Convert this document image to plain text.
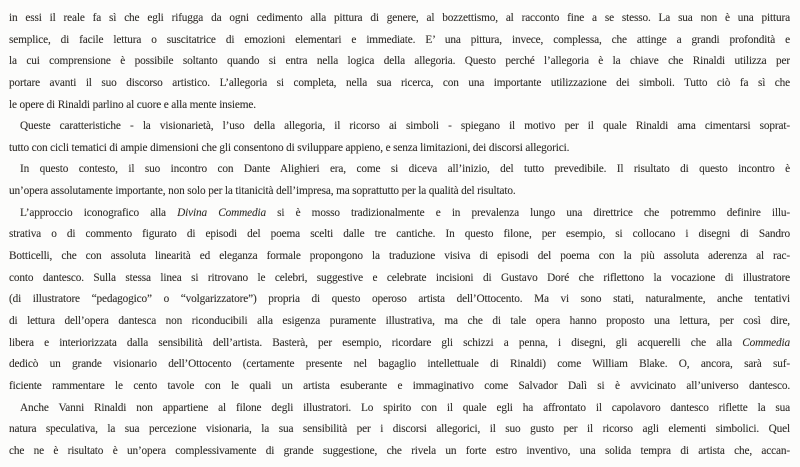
in essi il reale fa sì che egli rifugga da ogni cedimento alla pittura di genere, al bozzettismo, al racconto fine a se stesso. La sua non è una pittura
semplice, di facile lettura o suscitatrice di emozioni elementari e immediate. E’ una pittura, invece, complessa, che attinge a grandi profondità e
la cui comprensione è possibile soltanto quando si entra nella logica della allegoria. Questo perché l’allegoria è la chiave che Rinaldi utilizza per
portare avanti il suo discorso artistico. L’allegoria si completa, nella sua ricerca, con una importante utilizzazione dei simboli. Tutto ciò fa sì che
le opere di Rinaldi parlino al cuore e alla mente insieme.
Queste caratteristiche - la visionarietà, l’uso della allegoria, il ricorso ai simboli - spiegano il motivo per il quale Rinaldi ama cimentarsi soprat-
tutto con cicli tematici di ampie dimensioni che gli consentono di sviluppare appieno, e senza limitazioni, dei discorsi allegorici.
In questo contesto, il suo incontro con Dante Alighieri era, come si diceva all’inizio, del tutto prevedibile. Il risultato di questo incontro è
un’opera assolutamente importante, non solo per la titanicità dell’impresa, ma soprattutto per la qualità del risultato.
L’approccio iconografico alla Divina Commedia si è mosso tradizionalmente e in prevalenza lungo una direttrice che potremmo definire illu-
strativa o di commento figurato di episodi del poema scelti dalle tre cantiche. In questo filone, per esempio, si collocano i disegni di Sandro
Botticelli, che con assoluta linearità ed eleganza formale propongono la traduzione visiva di episodi del poema con la più assoluta aderenza al rac-
conto dantesco. Sulla stessa linea si ritrovano le celebri, suggestive e celebrate incisioni di Gustavo Doré che riflettono la vocazione di illustratore
(di illustratore “pedagogico” o “volgarizzatore”) propria di questo operoso artista dell’Ottocento. Ma vi sono stati, naturalmente, anche tentativi
di lettura dell’opera dantesca non riconducibili alla esigenza puramente illustrativa, ma che di tale opera hanno proposto una lettura, per così dire,
libera e interiorizzata dalla sensibilità dell’artista. Basterà, per esempio, ricordare gli schizzi a penna, i disegni, gli acquerelli che alla Commedia
dedicò un grande visionario dell’Ottocento (certamente presente nel bagaglio intellettuale di Rinaldi) come William Blake. O, ancora, sarà suf-
ficiente rammentare le cento tavole con le quali un artista esuberante e immaginativo come Salvador Dalì si è avvicinato all’universo dantesco.
Anche Vanni Rinaldi non appartiene al filone degli illustratori. Lo spirito con il quale egli ha affrontato il capolavoro dantesco riflette la sua
natura speculativa, la sua percezione visionaria, la sua sensibilità per i discorsi allegorici, il suo gusto per il ricorso agli elementi simbolici. Quel
che ne è risultato è un’opera complessivamente di grande suggestione, che rivela un forte estro inventivo, una solida tempra di artista che, accan-
